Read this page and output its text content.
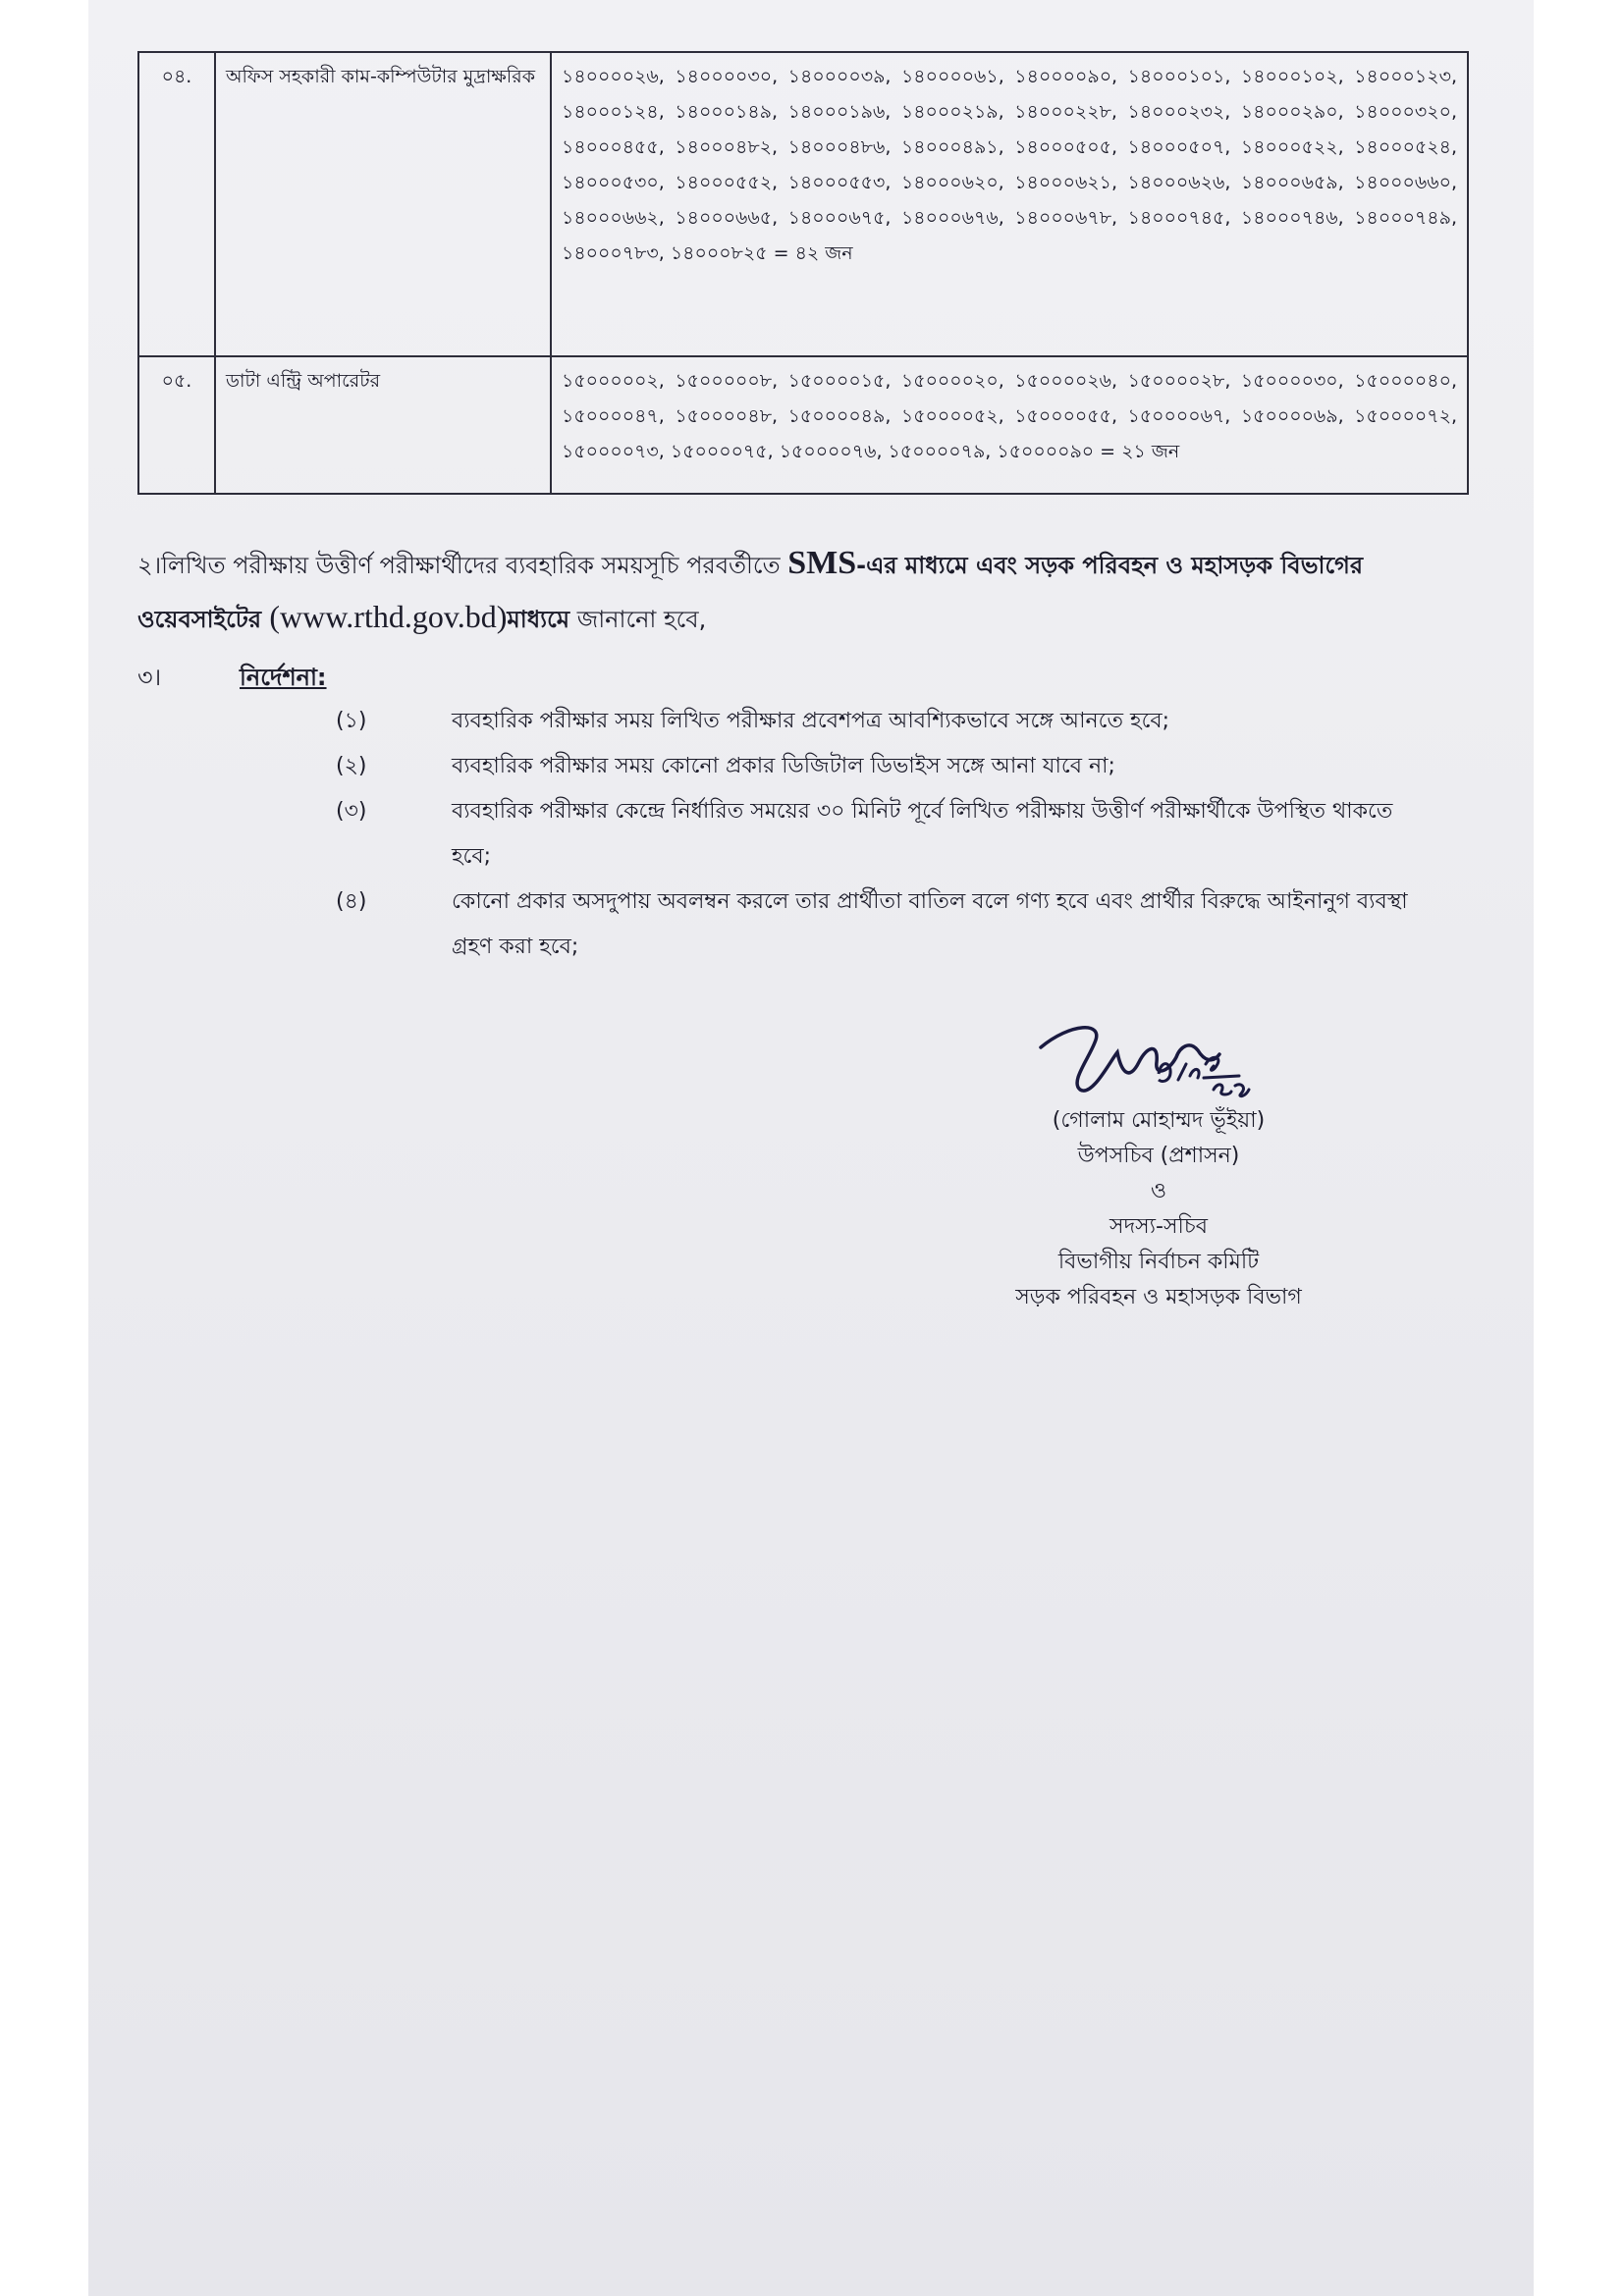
০৪.	অফিস সহকারী কাম-কম্পিউটার মুদ্রাক্ষরিক	১৪০০০০২৬, ১৪০০০০৩০, ১৪০০০০৩৯, ১৪০০০০৬১, ১৪০০০০৯০, ১৪০০০১০১, ১৪০০০১০২, ১৪০০০১২৩, ১৪০০০১২৪, ১৪০০০১৪৯, ১৪০০০১৯৬, ১৪০০০২১৯, ১৪০০০২২৮, ১৪০০০২৩২, ১৪০০০২৯০, ১৪০০০৩২০, ১৪০০০৪৫৫, ১৪০০০৪৮২, ১৪০০০৪৮৬, ১৪০০০৪৯১, ১৪০০০৫০৫, ১৪০০০৫০৭, ১৪০০০৫২২, ১৪০০০৫২৪, ১৪০০০৫৩০, ১৪০০০৫৫২, ১৪০০০৫৫৩, ১৪০০০৬২০, ১৪০০০৬২১, ১৪০০০৬২৬, ১৪০০০৬৫৯, ১৪০০০৬৬০, ১৪০০০৬৬২, ১৪০০০৬৬৫, ১৪০০০৬৭৫, ১৪০০০৬৭৬, ১৪০০০৬৭৮, ১৪০০০৭৪৫, ১৪০০০৭৪৬, ১৪০০০৭৪৯, ১৪০০০৭৮৩, ১৪০০০৮২৫ = ৪২ জন
০৫.	ডাটা এন্ট্রি অপারেটর	১৫০০০০০২, ১৫০০০০০৮, ১৫০০০০১৫, ১৫০০০০২০, ১৫০০০০২৬, ১৫০০০০২৮, ১৫০০০০৩০, ১৫০০০০৪০, ১৫০০০০৪৭, ১৫০০০০৪৮, ১৫০০০০৪৯, ১৫০০০০৫২, ১৫০০০০৫৫, ১৫০০০০৬৭, ১৫০০০০৬৯, ১৫০০০০৭২, ১৫০০০০৭৩, ১৫০০০০৭৫, ১৫০০০০৭৬, ১৫০০০০৭৯, ১৫০০০০৯০ = ২১ জন
২।লিখিত পরীক্ষায় উত্তীর্ণ পরীক্ষার্থীদের ব্যবহারিক সময়সূচি পরবর্তীতে SMS-এর মাধ্যমে এবং সড়ক পরিবহন ও মহাসড়ক বিভাগের ওয়েবসাইটের (www.rthd.gov.bd)মাধ্যমে জানানো হবে,
৩।	নির্দেশনা:
(১)	ব্যবহারিক পরীক্ষার সময় লিখিত পরীক্ষার প্রবেশপত্র আবশ্যিকভাবে সঙ্গে আনতে হবে;
(২)	ব্যবহারিক পরীক্ষার সময় কোনো প্রকার ডিজিটাল ডিভাইস সঙ্গে আনা যাবে না;
(৩)	ব্যবহারিক পরীক্ষার কেন্দ্রে নির্ধারিত সময়ের ৩০ মিনিট পূর্বে লিখিত পরীক্ষায় উত্তীর্ণ পরীক্ষার্থীকে উপস্থিত থাকতে হবে;
(৪)	কোনো প্রকার অসদুপায় অবলম্বন করলে তার প্রার্থীতা বাতিল বলে গণ্য হবে এবং প্রার্থীর বিরুদ্ধে আইনানুগ ব্যবস্থা গ্রহণ করা হবে;
(গোলাম মোহাম্মদ ভূঁইয়া)
উপসচিব (প্রশাসন)
ও
সদস্য-সচিব
বিভাগীয় নির্বাচন কমিটি
সড়ক পরিবহন ও মহাসড়ক বিভাগ
